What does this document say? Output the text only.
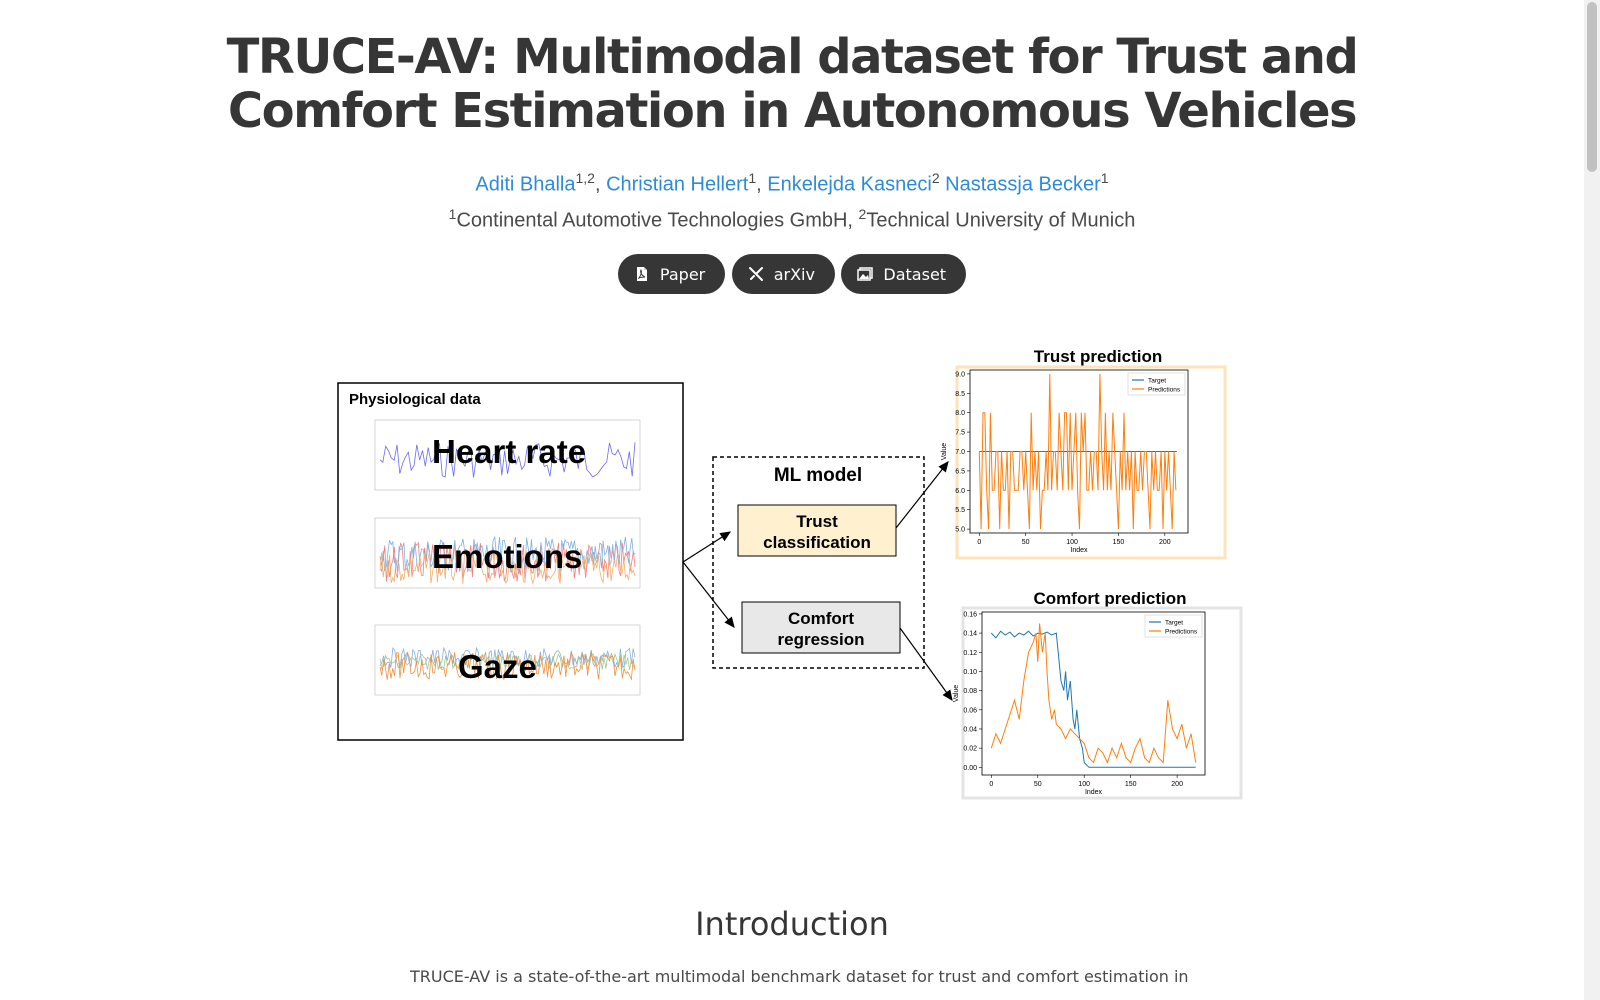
TRUCE-AV: Multimodal dataset for Trust and
Comfort Estimation in Autonomous Vehicles
Aditi Bhalla$^{1,2}$, Christian Hellert$^1$, Enkelejda Kasneci$^2$ Nastassja Becker$^1$
$^1$Continental Automotive Technologies GmbH, $^2$Technical University of Munich
Paper
	arXiv
	Dataset
Physiological data
Heart rate
Emotions
Gaze
ML model
Trust
classification
Comfort
regression
Trust prediction
5.0
5.5
6.0
6.5
7.0
7.5
8.0
8.5
9.0
0	50	100	150	200
Index
Value
Target
Predictions
Comfort prediction
0.00
0.02
0.04
0.06
0.08
0.10
0.12
0.14
0.16
0	50	100	150	200
Index
Value
Target
Predictions
Introduction
TRUCE-AV is a state-of-the-art multimodal benchmark dataset for trust and comfort estimation in
